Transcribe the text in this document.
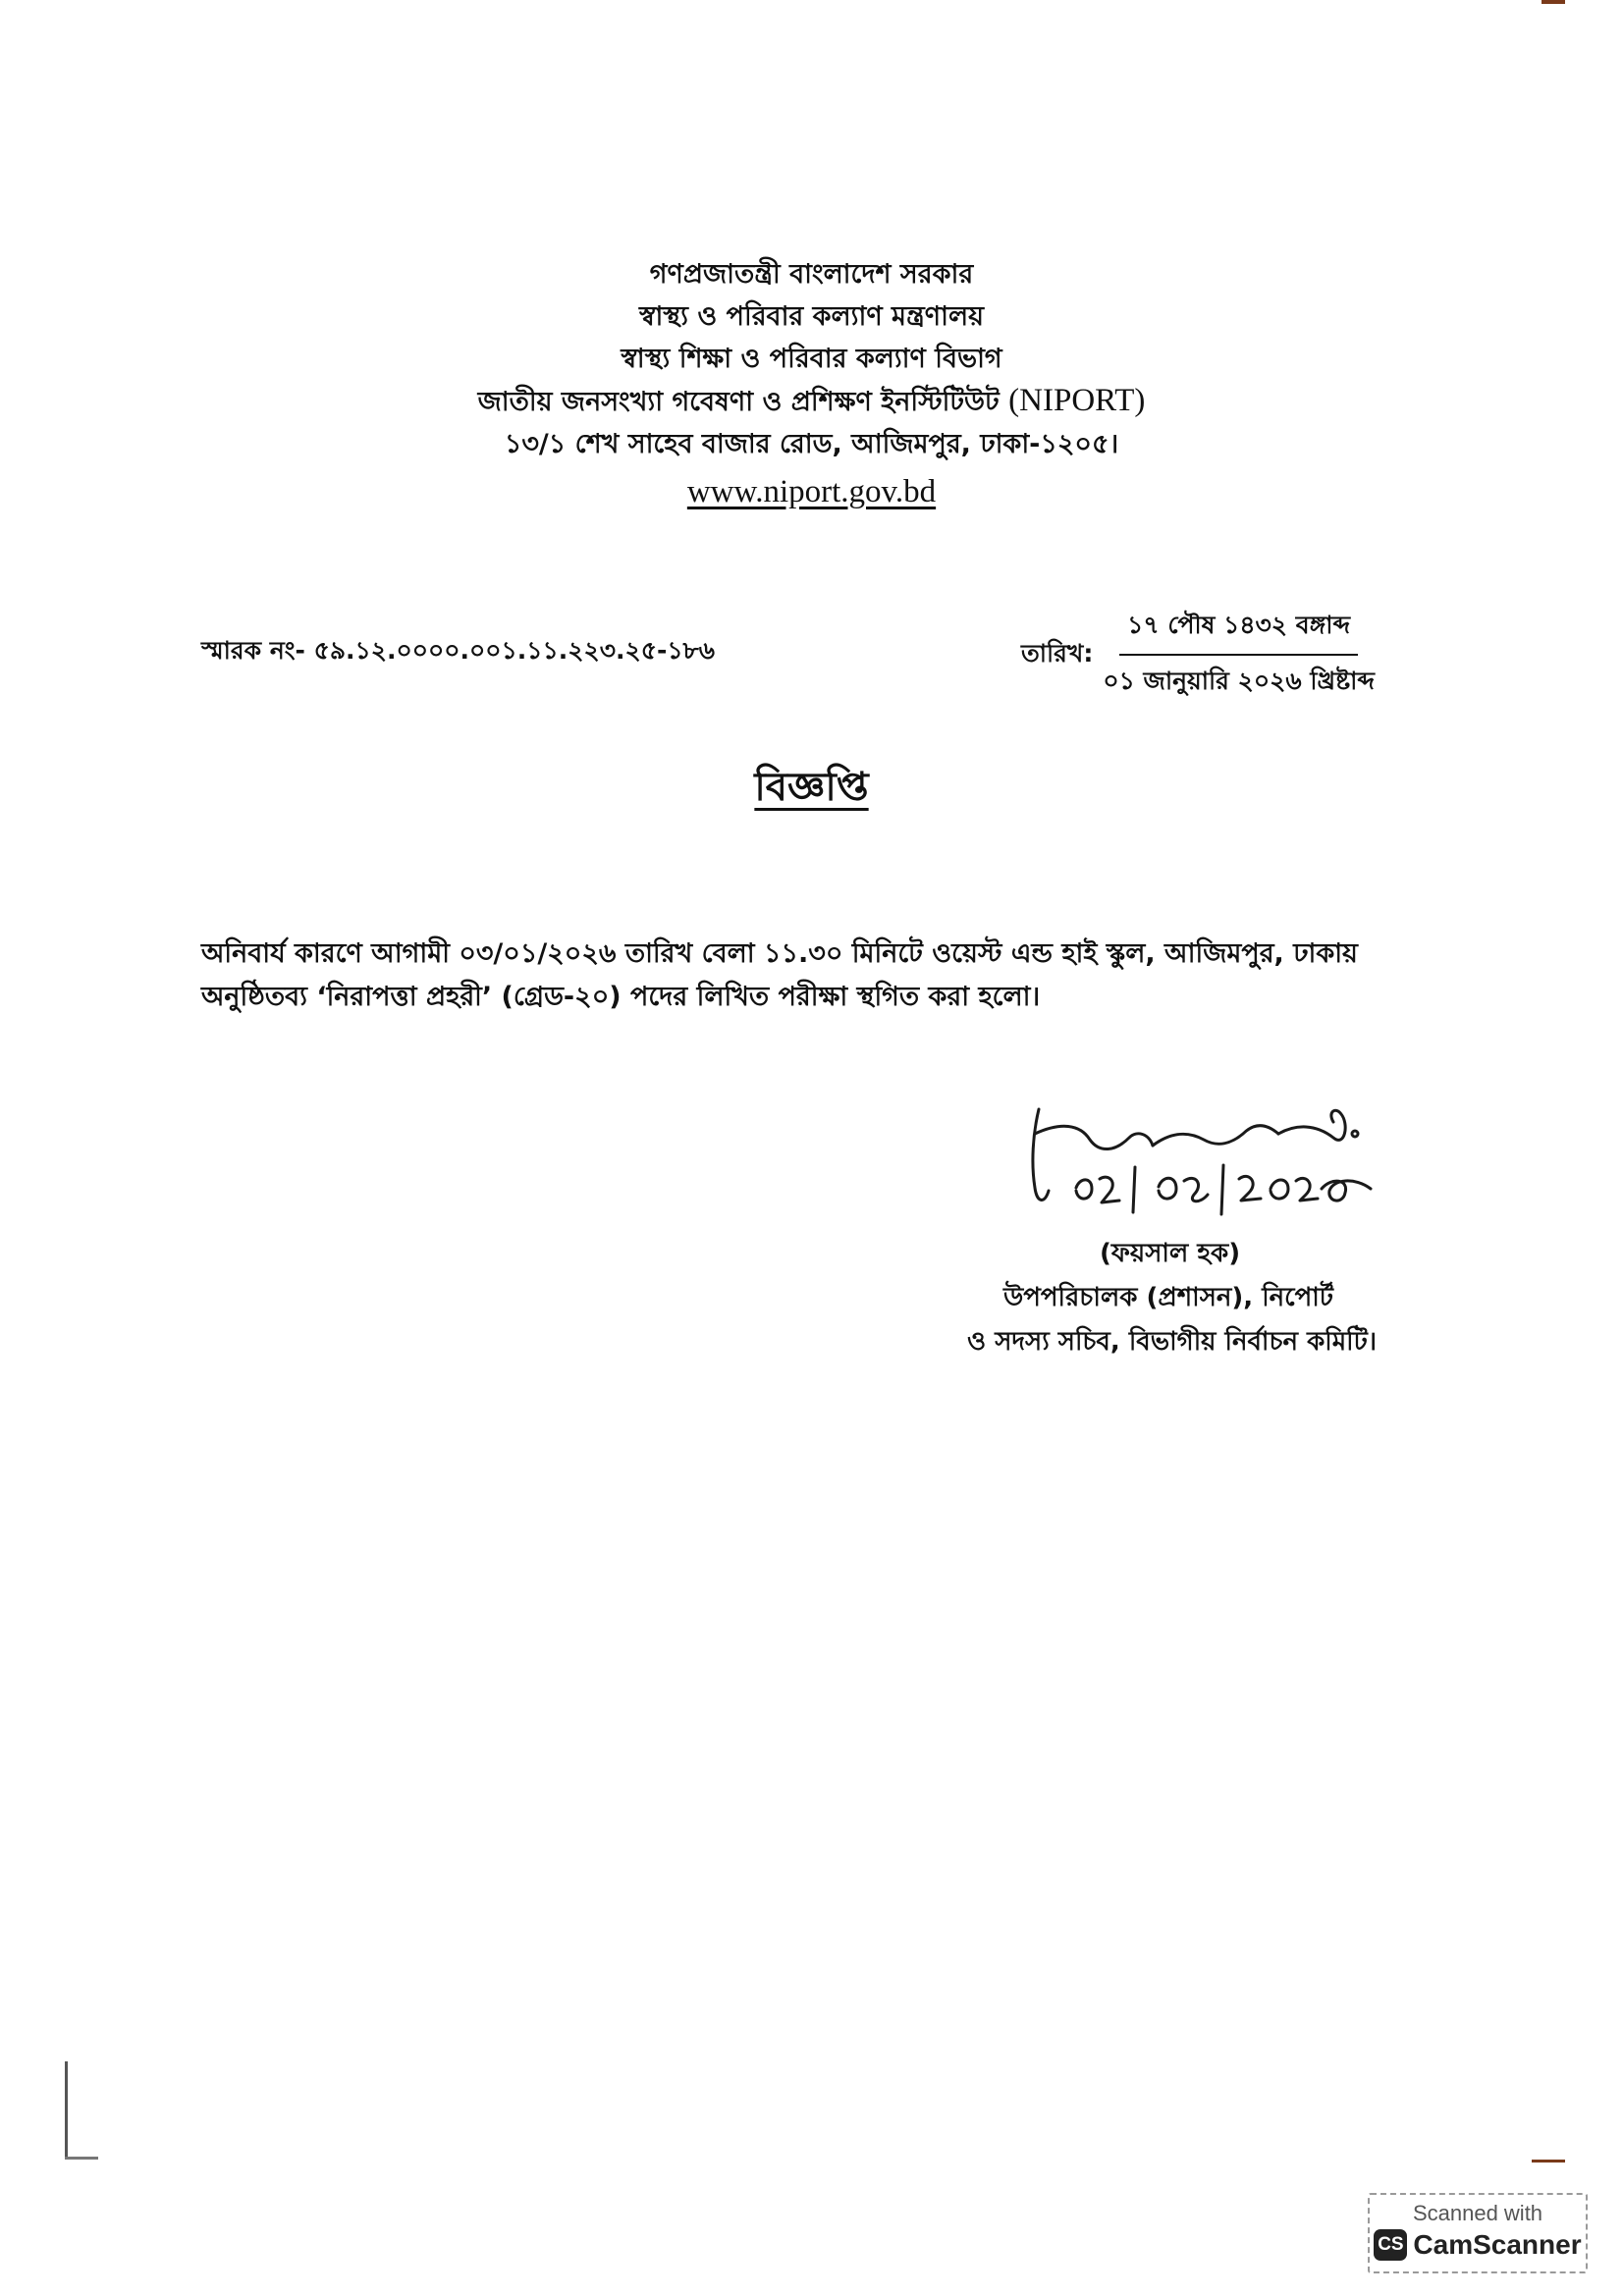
গণপ্রজাতন্ত্রী বাংলাদেশ সরকার
স্বাস্থ্য ও পরিবার কল্যাণ মন্ত্রণালয়
স্বাস্থ্য শিক্ষা ও পরিবার কল্যাণ বিভাগ
জাতীয় জনসংখ্যা গবেষণা ও প্রশিক্ষণ ইনস্টিটিউট (NIPORT)
১৩/১ শেখ সাহেব বাজার রোড, আজিমপুর, ঢাকা-১২০৫।
www.niport.gov.bd
স্মারক নং- ৫৯.১২.০০০০.০০১.১১.২২৩.২৫-১৮৬	তারিখ: $\frac{\text{১৭ পৌষ ১৪৩২ বঙ্গাব্দ}}{\text{০১ জানুয়ারি ২০২৬ খ্রিষ্টাব্দ}}$
বিজ্ঞপ্তি
অনিবার্য কারণে আগামী ০৩/০১/২০২৬ তারিখ বেলা ১১.৩০ মিনিটে ওয়েস্ট এন্ড হাই স্কুল, আজিমপুর, ঢাকায়
অনুষ্ঠিতব্য ‘নিরাপত্তা প্রহরী’ (গ্রেড-২০) পদের লিখিত পরীক্ষা স্থগিত করা হলো।
(ফয়সাল হক)
উপপরিচালক (প্রশাসন), নিপোর্ট
ও সদস্য সচিব, বিভাগীয় নির্বাচন কমিটি।
Scanned with
CS CamScanner
